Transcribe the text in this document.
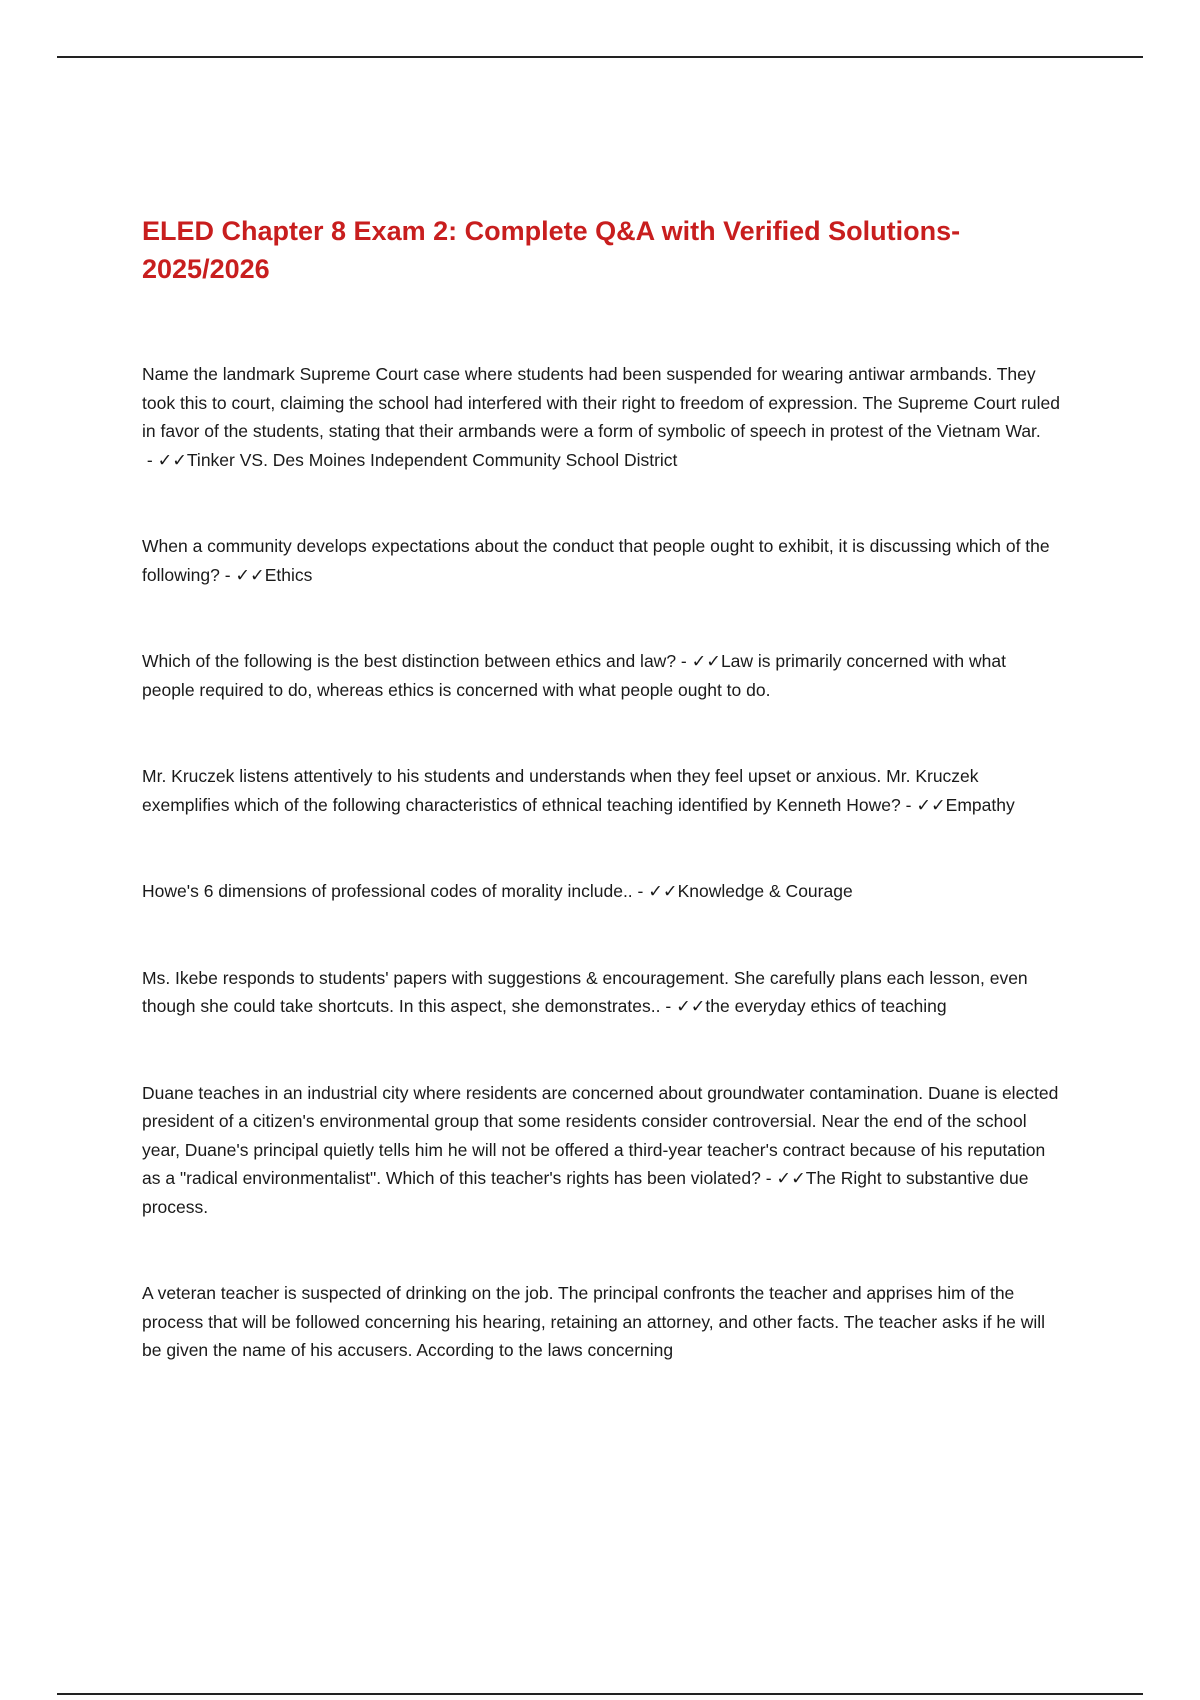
ELED Chapter 8 Exam 2: Complete Q&A with Verified Solutions-2025/2026

Name the landmark Supreme Court case where students had been suspended for wearing antiwar armbands. They took this to court, claiming the school had interfered with their right to freedom of expression. The Supreme Court ruled in favor of the students, stating that their armbands were a form of symbolic of speech in protest of the Vietnam War. - ✓✓Tinker VS. Des Moines Independent Community School District

When a community develops expectations about the conduct that people ought to exhibit, it is discussing which of the following? - ✓✓Ethics

Which of the following is the best distinction between ethics and law? - ✓✓Law is primarily concerned with what people required to do, whereas ethics is concerned with what people ought to do.

Mr. Kruczek listens attentively to his students and understands when they feel upset or anxious. Mr. Kruczek exemplifies which of the following characteristics of ethnical teaching identified by Kenneth Howe? - ✓✓Empathy

Howe's 6 dimensions of professional codes of morality include.. - ✓✓Knowledge & Courage

Ms. Ikebe responds to students' papers with suggestions & encouragement. She carefully plans each lesson, even though she could take shortcuts. In this aspect, she demonstrates.. - ✓✓the everyday ethics of teaching

Duane teaches in an industrial city where residents are concerned about groundwater contamination. Duane is elected president of a citizen's environmental group that some residents consider controversial. Near the end of the school year, Duane's principal quietly tells him he will not be offered a third-year teacher's contract because of his reputation as a "radical environmentalist". Which of this teacher's rights has been violated? - ✓✓The Right to substantive due process.

A veteran teacher is suspected of drinking on the job. The principal confronts the teacher and apprises him of the process that will be followed concerning his hearing, retaining an attorney, and other facts. The teacher asks if he will be given the name of his accusers. According to the laws concerning
